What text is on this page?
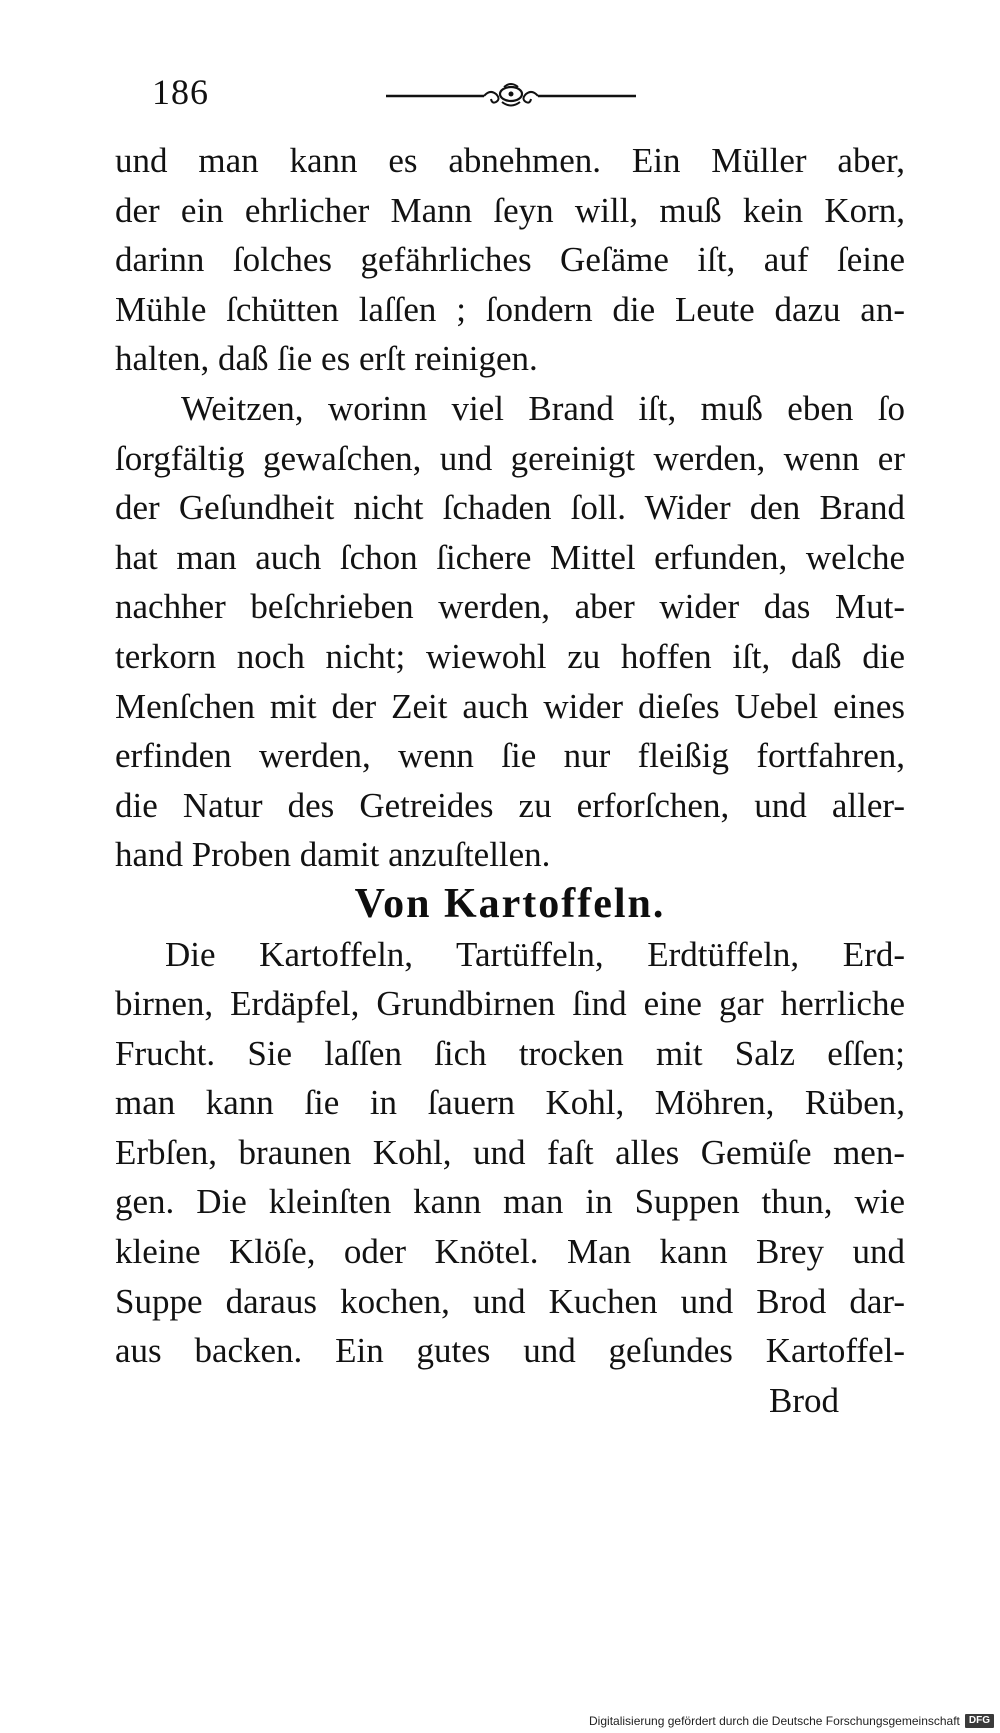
186
und man kann es abnehmen. Ein Müller aber,
der ein ehrlicher Mann ſeyn will, muß kein Korn,
darinn ſolches gefährliches Geſäme iſt, auf ſeine
Mühle ſchütten laſſen ; ſondern die Leute dazu an-
halten, daß ſie es erſt reinigen.
Weitzen, worinn viel Brand iſt, muß eben ſo
ſorgfältig gewaſchen, und gereinigt werden, wenn er
der Geſundheit nicht ſchaden ſoll. Wider den Brand
hat man auch ſchon ſichere Mittel erfunden, welche
nachher beſchrieben werden, aber wider das Mut-
terkorn noch nicht; wiewohl zu hoffen iſt, daß die
Menſchen mit der Zeit auch wider dieſes Uebel eines
erfinden werden, wenn ſie nur fleißig fortfahren,
die Natur des Getreides zu erforſchen, und aller-
hand Proben damit anzuſtellen.
Von Kartoffeln.
Die Kartoffeln, Tartüffeln, Erdtüffeln, Erd-
birnen, Erdäpfel, Grundbirnen ſind eine gar herrliche
Frucht. Sie laſſen ſich trocken mit Salz eſſen;
man kann ſie in ſauern Kohl, Möhren, Rüben,
Erbſen, braunen Kohl, und faſt alles Gemüſe men-
gen. Die kleinſten kann man in Suppen thun, wie
kleine Klöſe, oder Knötel. Man kann Brey und
Suppe daraus kochen, und Kuchen und Brod dar-
aus backen. Ein gutes und geſundes Kartoffel-
Brod
Digitalisierung gefördert durch die Deutsche Forschungsgemeinschaft DFG
